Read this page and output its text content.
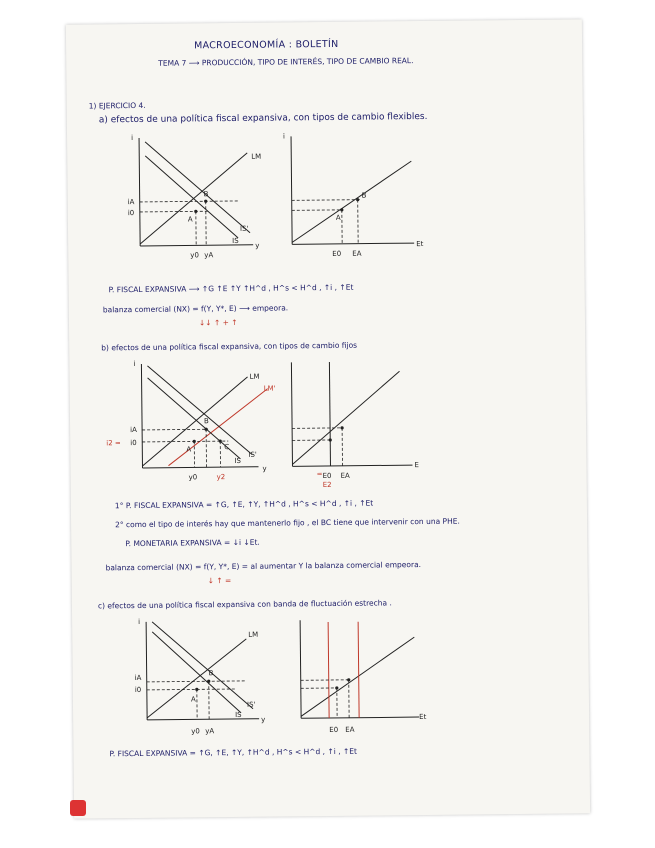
MACROECONOMÍA : BOLETÍN
TEMA 7 ⟶ PRODUCCIÓN, TIPO DE INTERÉS, TIPO DE CAMBIO REAL.
1) EJERCICIO 4.
a) efectos de una política fiscal expansiva, con tipos de cambio flexibles.
i
LM
iA
i0
A
B
IS
IS'
y
y0 yA
i
A
B
E0 EA
Et
P. FISCAL EXPANSIVA ⟶ ↑G ↑E ↑Y ↑H^d , H^s < H^d , ↑i , ↑Et
balanza comercial (NX) = f(Y, Y*, E) ⟶ empeora.
↓↓ ↑ + ↑
b) efectos de una política fiscal expansiva, con tipos de cambio fijos
i
LM
LM'
iA
i0
i2 =
A
B
C
IS
IS'
y
y0	y2	E0 EA
=
E2
E
1° P. FISCAL EXPANSIVA = ↑G, ↑E, ↑Y, ↑H^d , H^s < H^d , ↑i , ↑Et
2° como el tipo de interés hay que mantenerlo fijo , el BC tiene que intervenir con una PHE.
P. MONETARIA EXPANSIVA = ↓i ↓Et.
balanza comercial (NX) = f(Y, Y*, E) = al aumentar Y la balanza comercial empeora.
↓ ↑ =
c) efectos de una política fiscal expansiva con banda de fluctuación estrecha .
i
LM
iA
i0
A
B
IS
IS'
y
y0 yA	E0 EA
Et
P. FISCAL EXPANSIVA = ↑G, ↑E, ↑Y, ↑H^d , H^s < H^d , ↑i , ↑Et
